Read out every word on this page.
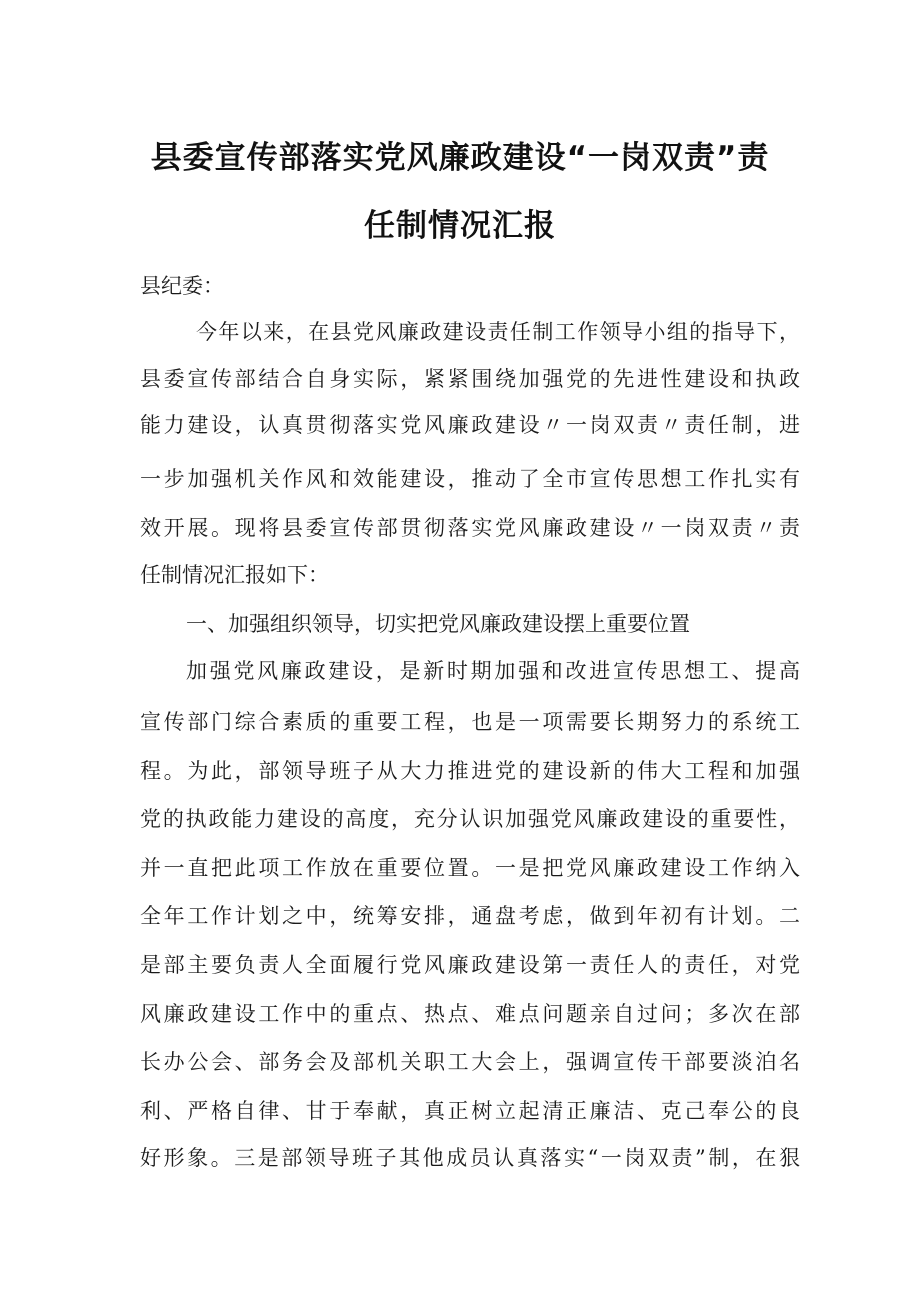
县委宣传部落实党风廉政建设“一岗双责”责
任制情况汇报
县纪委：
今年以来，在县党风廉政建设责任制工作领导小组的指导下，
县委宣传部结合自身实际，紧紧围绕加强党的先进性建设和执政
能力建设，认真贯彻落实党风廉政建设〃一岗双责〃责任制，进
一步加强机关作风和效能建设，推动了全市宣传思想工作扎实有
效开展。现将县委宣传部贯彻落实党风廉政建设〃一岗双责〃责
任制情况汇报如下：
一、加强组织领导，切实把党风廉政建设摆上重要位置
加强党风廉政建设，是新时期加强和改进宣传思想工、提高
宣传部门综合素质的重要工程，也是一项需要长期努力的系统工
程。为此，部领导班子从大力推进党的建设新的伟大工程和加强
党的执政能力建设的高度，充分认识加强党风廉政建设的重要性，
并一直把此项工作放在重要位置。一是把党风廉政建设工作纳入
全年工作计划之中，统筹安排，通盘考虑，做到年初有计划。二
是部主要负责人全面履行党风廉政建设第一责任人的责任，对党
风廉政建设工作中的重点、热点、难点问题亲自过问；多次在部
长办公会、部务会及部机关职工大会上，强调宣传干部要淡泊名
利、严格自律、甘于奉献，真正树立起清正廉洁、克己奉公的良
好形象。三是部领导班子其他成员认真落实“一岗双责”制，在狠
